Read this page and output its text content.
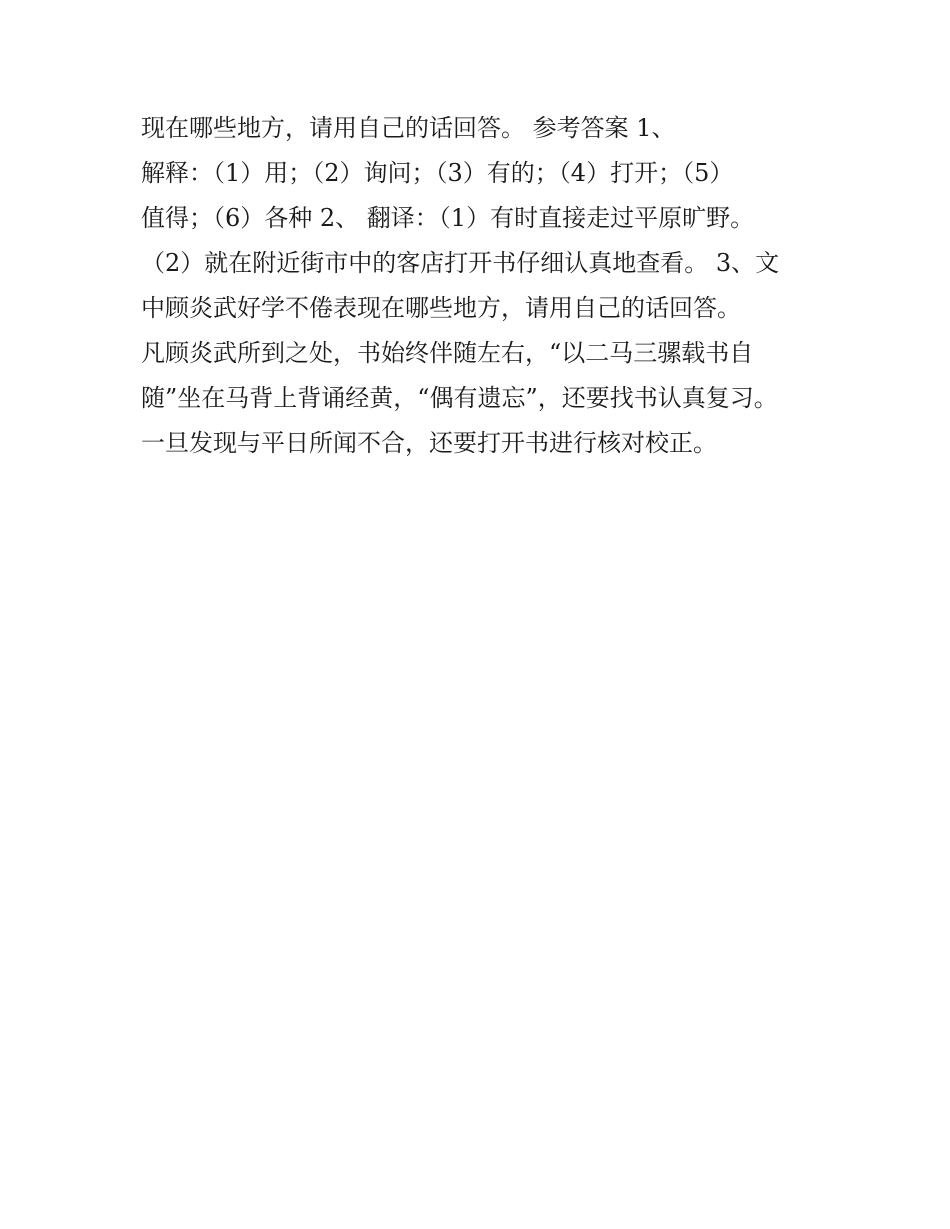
现在哪些地方，请用自己的话回答。 参考答案 1、
解释：（1）用；（2）询问；（3）有的；（4）打开；（5）
值得；（6）各种 2、 翻译：（1）有时直接走过平原旷野。
（2）就在附近街市中的客店打开书仔细认真地查看。 3、文
中顾炎武好学不倦表现在哪些地方，请用自己的话回答。
凡顾炎武所到之处，书始终伴随左右，“以二马三骡载书自
随”坐在马背上背诵经黄，“偶有遗忘”，还要找书认真复习。
一旦发现与平日所闻不合，还要打开书进行核对校正。
